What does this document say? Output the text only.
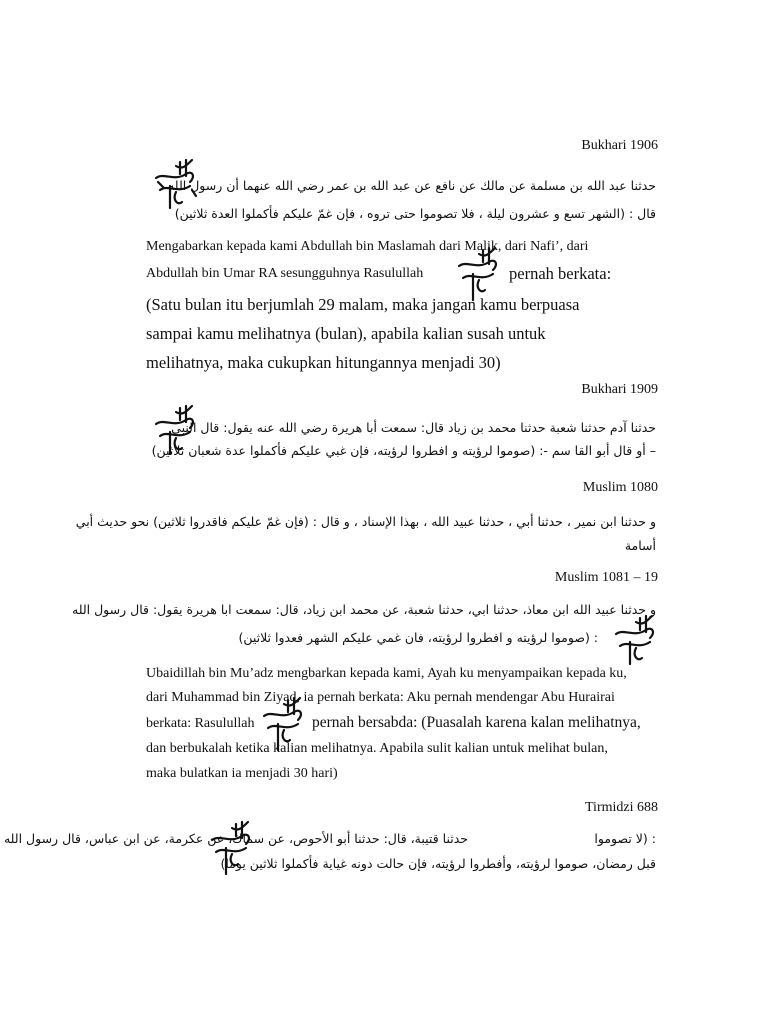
Bukhari 1906
حدثنا عبد الله بن مسلمة عن مالك عن نافع عن عبد الله بن عمر رضي الله عنهما أن رسول الله
قال : (الشهر تسع و عشرون ليلة ، فلا تصوموا حتى تروه ، فإن غمّ عليكم فأكملوا العدة ثلاثين)
Mengabarkan kepada kami Abdullah bin Maslamah dari Malik, dari Nafi’, dari
Abdullah bin Umar RA sesungguhnya Rasulullah	pernah berkata:
(Satu bulan itu berjumlah 29 malam, maka jangan kamu berpuasa
sampai kamu melihatnya (bulan), apabila kalian susah untuk
melihatnya, maka cukupkan hitungannya menjadi 30)
Bukhari 1909
حدثنا آدم حدثنا شعبة حدثنا محمد بن زياد قال: سمعت أبا هريرة رضي الله عنه يقول: قال النبي
– أو قال أبو القا سم -: (صوموا لرؤيته و افطروا لرؤيته، فإن غبي عليكم فأكملوا عدة شعبان ثلاثين)
Muslim 1080
و حدثنا ابن نمير ، حدثنا أبي ، حدثنا عبيد الله ، بهذا الإسناد ، و قال : (فإن غمّ عليكم فاقدروا ثلاثين) نحو حديث أبي
أسامة
Muslim 1081 – 19
و حدثنا عبيد الله ابن معاذ، حدثنا ابي، حدثنا شعبة، عن محمد ابن زياد، قال: سمعت ابا هريرة يقول: قال رسول الله
: (صوموا لرؤيته و افطروا لرؤيته، فان غمي عليكم الشهر فعدوا ثلاثين)
Ubaidillah bin Mu’adz mengbarkan kepada kami, Ayah ku menyampaikan kepada ku,
dari Muhammad bin Ziyad, ia pernah berkata: Aku pernah mendengar Abu Hurairai
berkata: Rasulullah	pernah bersabda: (Puasalah karena kalan melihatnya,
dan berbukalah ketika kalian melihatnya. Apabila sulit kalian untuk melihat bulan,
maka bulatkan ia menjadi 30 hari)
Tirmidzi 688
حدثنا قتيبة، قال: حدثنا أبو الأحوص، عن سماك، عن عكرمة، عن ابن عباس، قال رسول الله	: (لا تصوموا
قبل رمضان، صوموا لرؤيته، وأفطروا لرؤيته، فإن حالت دونه غياية فأكملوا ثلاثين يوما)
